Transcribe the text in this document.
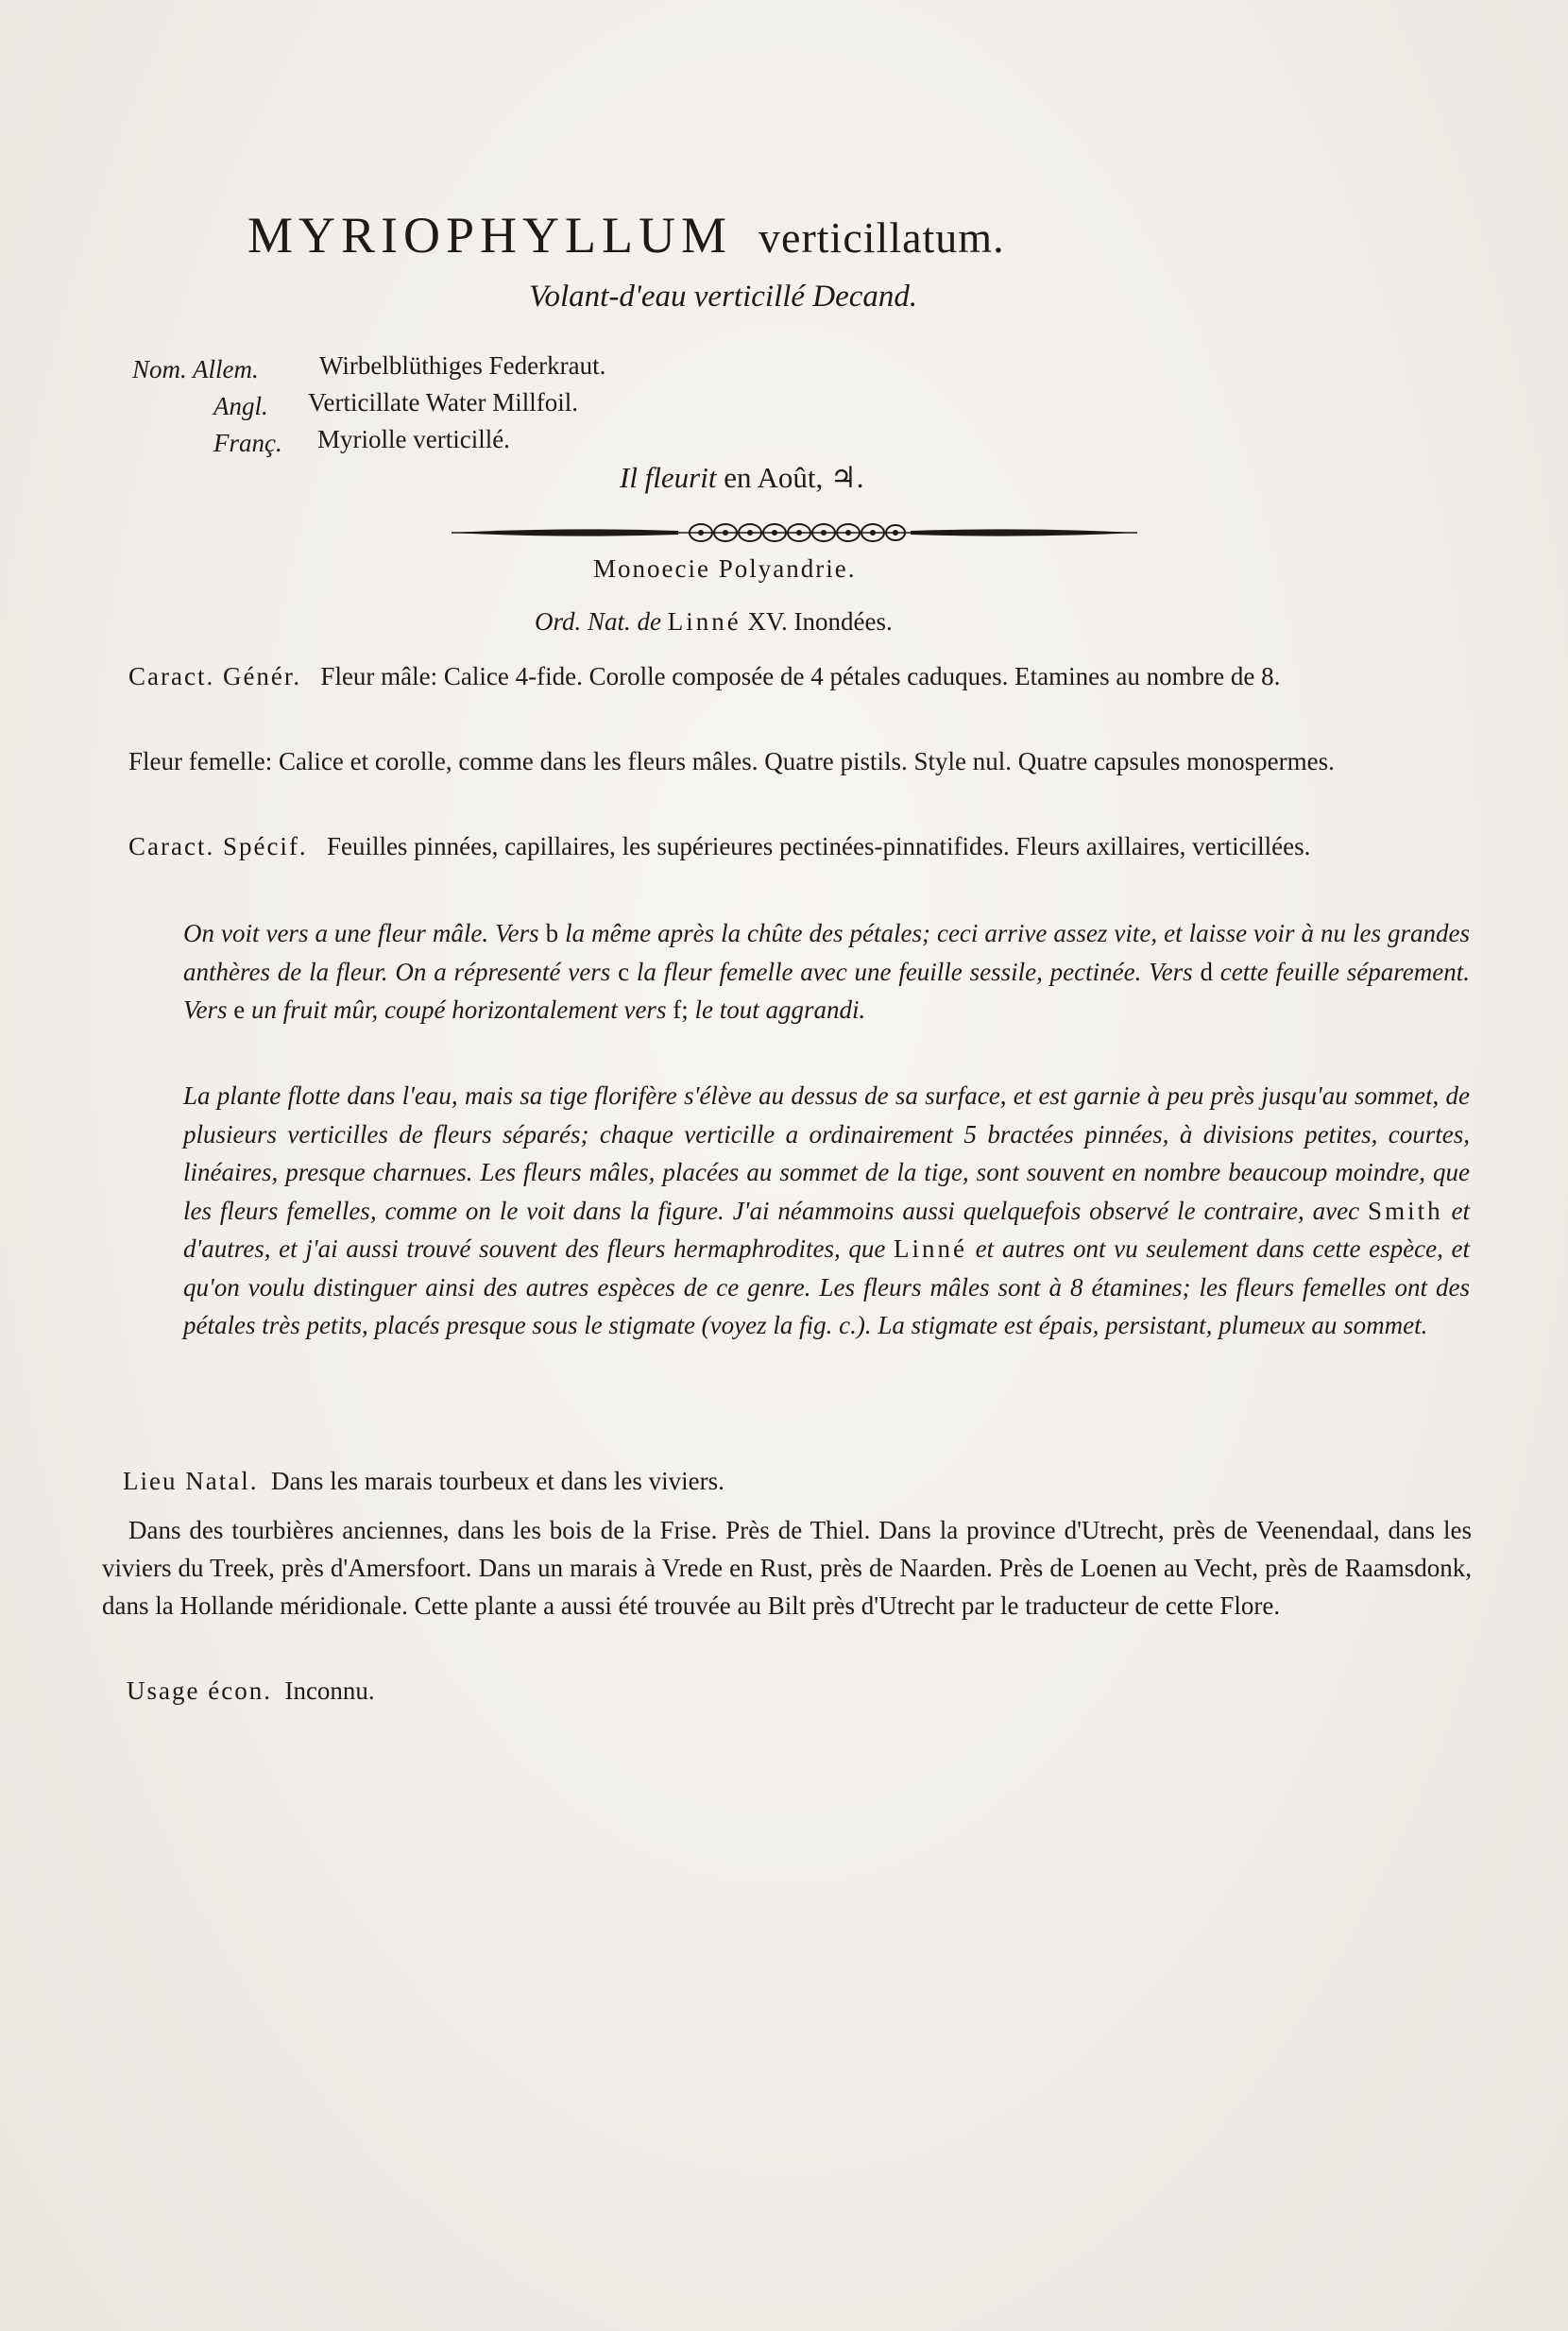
MYRIOPHYLLUM verticillatum.
Volant-d'eau verticillé Decand.
Nom. Allem. Wirbelblüthiges Federkraut.
Angl. Verticillate Water Millfoil.
Franç. Myriolle verticillé.
Il fleurit en Août, ♃.
Monoecie Polyandrie.
Ord. Nat. de Linné XV. Inondées.

Caract. Génér. Fleur mâle: Calice 4-fide. Corolle composée de 4 pétales caduques. Etamines au nombre de 8.

Fleur femelle: Calice et corolle, comme dans les fleurs mâles. Quatre pistils. Style nul. Quatre capsules monospermes.

Caract. Spécif. Feuilles pinnées, capillaires, les supérieures pectinées-pinnatifides. Fleurs axillaires, verticillées.

On voit vers a une fleur mâle. Vers b la même après la chûte des pétales; ceci arrive assez vite, et laisse voir à nu les grandes anthères de la fleur. On a répresenté vers c la fleur femelle avec une feuille sessile, pectinée. Vers d cette feuille séparement. Vers e un fruit mûr, coupé horizontalement vers f; le tout aggrandi.

La plante flotte dans l'eau, mais sa tige florifère s'élève au dessus de sa surface, et est garnie à peu près jusqu'au sommet, de plusieurs verticilles de fleurs séparés; chaque verticille a ordinairement 5 bractées pinnées, à divisions petites, courtes, linéaires, presque charnues. Les fleurs mâles, placées au sommet de la tige, sont souvent en nombre beaucoup moindre, que les fleurs femelles, comme on le voit dans la figure. J'ai néammoins aussi quelquefois observé le contraire, avec Smith et d'autres, et j'ai aussi trouvé souvent des fleurs hermaphrodites, que Linné et autres ont vu seulement dans cette espèce, et qu'on voulu distinguer ainsi des autres espèces de ce genre. Les fleurs mâles sont à 8 étamines; les fleurs femelles ont des pétales très petits, placés presque sous le stigmate (voyez la fig. c.). La stigmate est épais, persistant, plumeux au sommet.

Lieu Natal. Dans les marais tourbeux et dans les viviers.

Dans des tourbières anciennes, dans les bois de la Frise. Près de Thiel. Dans la province d'Utrecht, près de Veenendaal, dans les viviers du Treek, près d'Amersfoort. Dans un marais à Vrede en Rust, près de Naarden. Près de Loenen au Vecht, près de Raamsdonk, dans la Hollande méridionale. Cette plante a aussi été trouvée au Bilt près d'Utrecht par le traducteur de cette Flore.

Usage écon. Inconnu.
